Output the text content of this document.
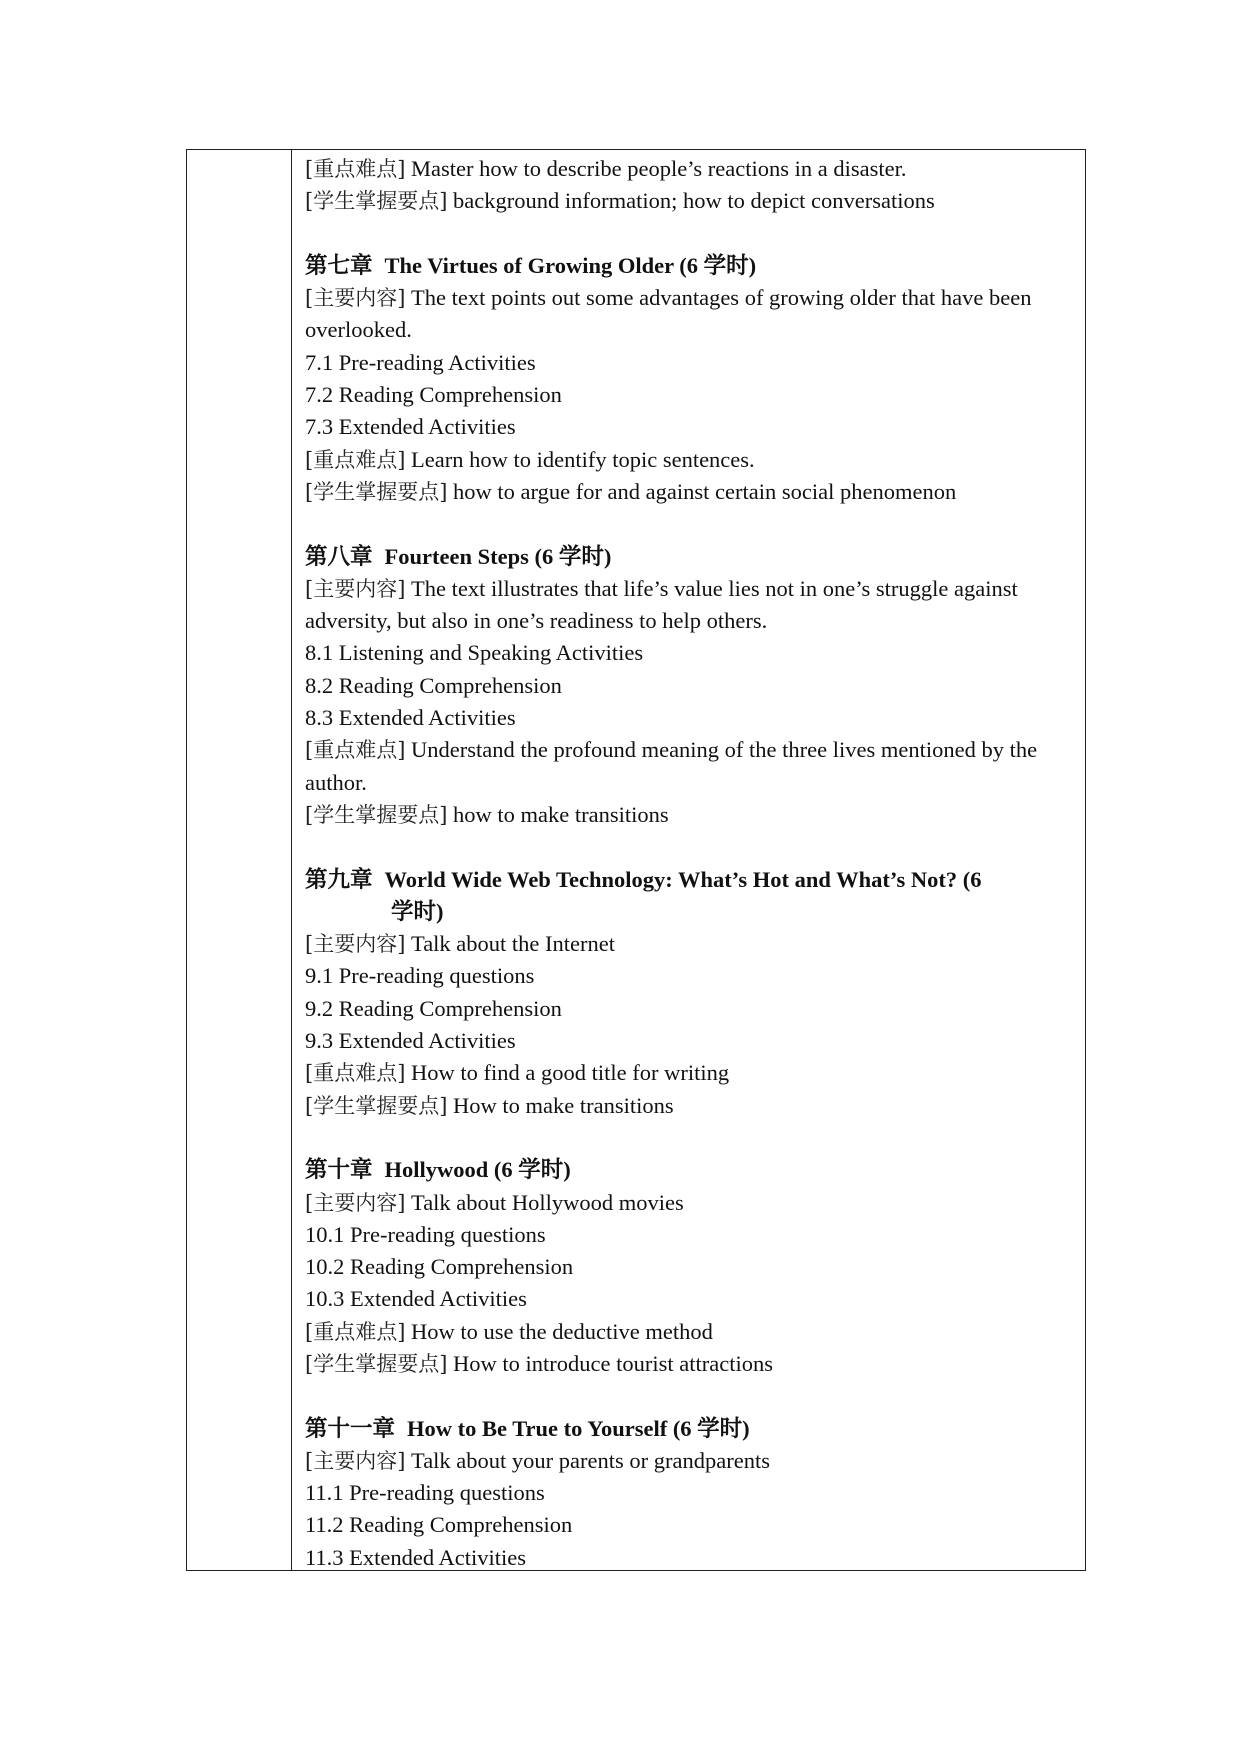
[重点难点] Master how to describe people’s reactions in a disaster.
[学生掌握要点] background information; how to depict conversations
第七章 The Virtues of Growing Older (6 学时)
[主要内容] The text points out some advantages of growing older that have been overlooked.
7.1 Pre-reading Activities
7.2 Reading Comprehension
7.3 Extended Activities
[重点难点] Learn how to identify topic sentences.
[学生掌握要点] how to argue for and against certain social phenomenon
第八章 Fourteen Steps (6 学时)
[主要内容] The text illustrates that life’s value lies not in one’s struggle against adversity, but also in one’s readiness to help others.
8.1 Listening and Speaking Activities
8.2 Reading Comprehension
8.3 Extended Activities
[重点难点] Understand the profound meaning of the three lives mentioned by the author.
[学生掌握要点] how to make transitions
第九章 World Wide Web Technology: What’s Hot and What’s Not? (6
学时)
[主要内容] Talk about the Internet
9.1 Pre-reading questions
9.2 Reading Comprehension
9.3 Extended Activities
[重点难点] How to find a good title for writing
[学生掌握要点] How to make transitions
第十章 Hollywood (6 学时)
[主要内容] Talk about Hollywood movies
10.1 Pre-reading questions
10.2 Reading Comprehension
10.3 Extended Activities
[重点难点] How to use the deductive method
[学生掌握要点] How to introduce tourist attractions
第十一章 How to Be True to Yourself (6 学时)
[主要内容] Talk about your parents or grandparents
11.1 Pre-reading questions
11.2 Reading Comprehension
11.3 Extended Activities
